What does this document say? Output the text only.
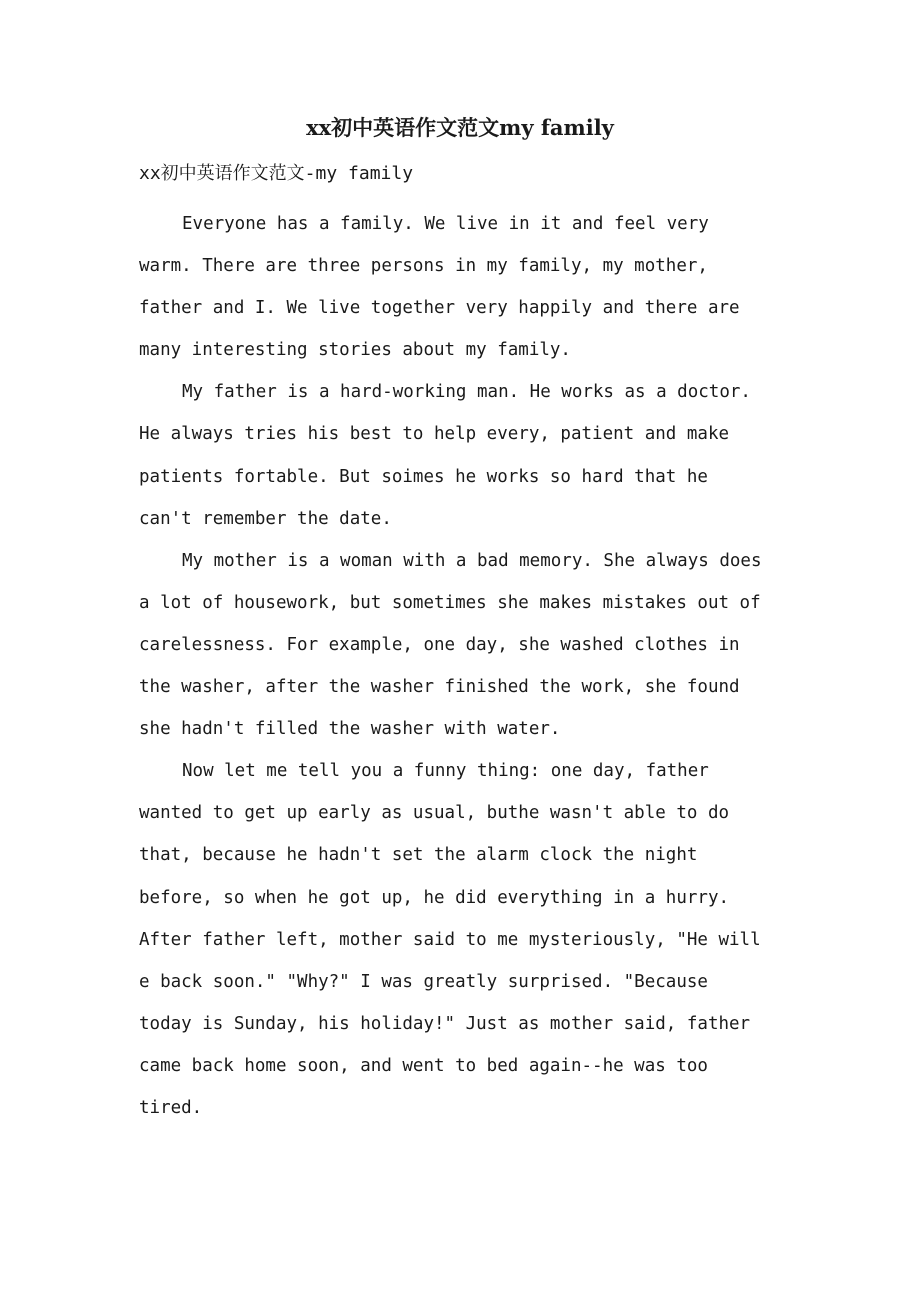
xx初中英语作文范文my family

xx初中英语作文范文-my family

Everyone has a family. We live in it and feel very
warm. There are three persons in my family, my mother,
father and I. We live together very happily and there are
many interesting stories about my family.

My father is a hard-working man. He works as a doctor.
He always tries his best to help every, patient and make
patients fortable. But soimes he works so hard that he
can't remember the date.

My mother is a woman with a bad memory. She always does
a lot of housework, but sometimes she makes mistakes out of
carelessness. For example, one day, she washed clothes in
the washer, after the washer finished the work, she found
she hadn't filled the washer with water.

Now let me tell you a funny thing: one day, father
wanted to get up early as usual, buthe wasn't able to do
that, because he hadn't set the alarm clock the night
before, so when he got up, he did everything in a hurry.
After father left, mother said to me mysteriously, "He will
e back soon." "Why?" I was greatly surprised. "Because
today is Sunday, his holiday!" Just as mother said, father
came back home soon, and went to bed again--he was too
tired.
